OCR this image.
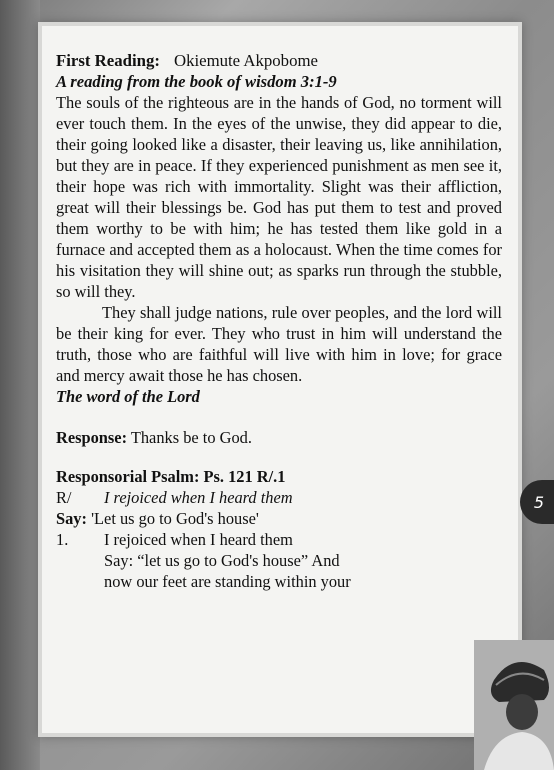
First Reading: Okiemute Akpobome

A reading from the book of wisdom 3:1-9

The souls of the righteous are in the hands of God, no torment will ever touch them. In the eyes of the unwise, they did appear to die, their going looked like a disaster, their leaving us, like annihilation, but they are in peace. If they experienced punishment as men see it, their hope was rich with immortality. Slight was their affliction, great will their blessings be. God has put them to test and proved them worthy to be with him; he has tested them like gold in a furnace and accepted them as a holocaust. When the time comes for his visitation they will shine out; as sparks run through the stubble, so will they.

They shall judge nations, rule over peoples, and the lord will be their king for ever. They who trust in him will understand the truth, those who are faithful will live with him in love; for grace and mercy await those he has chosen.

The word of the Lord

Response: Thanks be to God.

Responsorial Psalm: Ps. 121 R/.1

R/	I rejoiced when I heard them

Say: 'Let us go to God's house'

1.	I rejoiced when I heard them
Say: “let us go to God's house” And
now our feet are standing within your
5
